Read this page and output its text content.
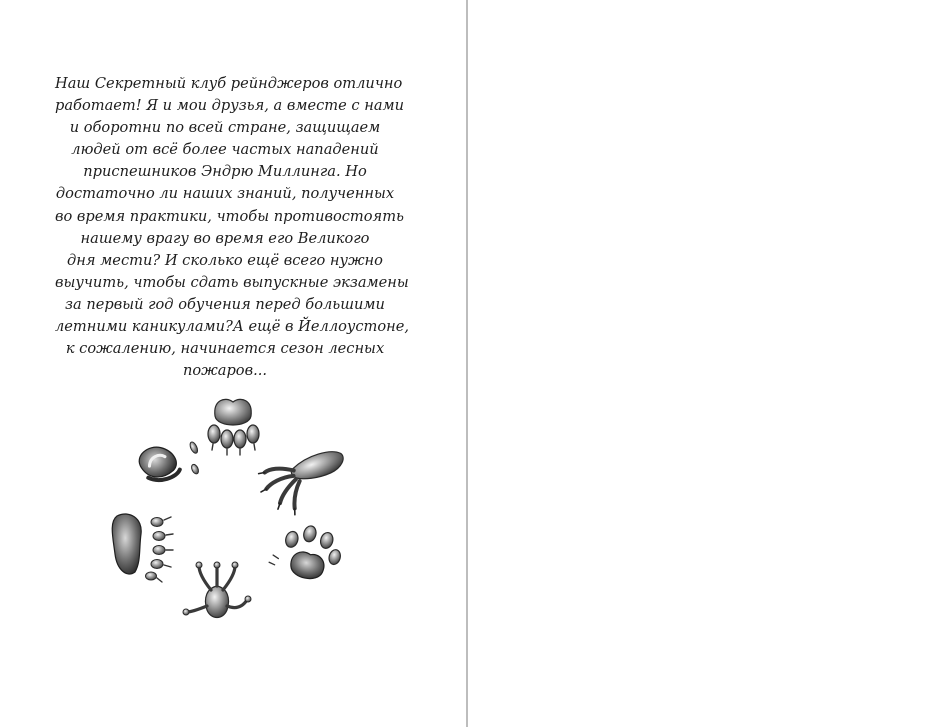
Наш Секретный клуб рейнджеров отлично
работает! Я и мои друзья, а вместе с нами
и оборотни по всей стране, защищаем
людей от всё более частых нападений
приспешников Эндрю Миллинга. Но
достаточно ли наших знаний, полученных
во время практики, чтобы противостоять
нашему врагу во время его Великого
дня мести? И сколько ещё всего нужно
выучить, чтобы сдать выпускные экзамены
за первый год обучения перед большими
летними каникулами?А ещё в Йеллоустоне,
к сожалению, начинается сезон лесных
пожаров...
